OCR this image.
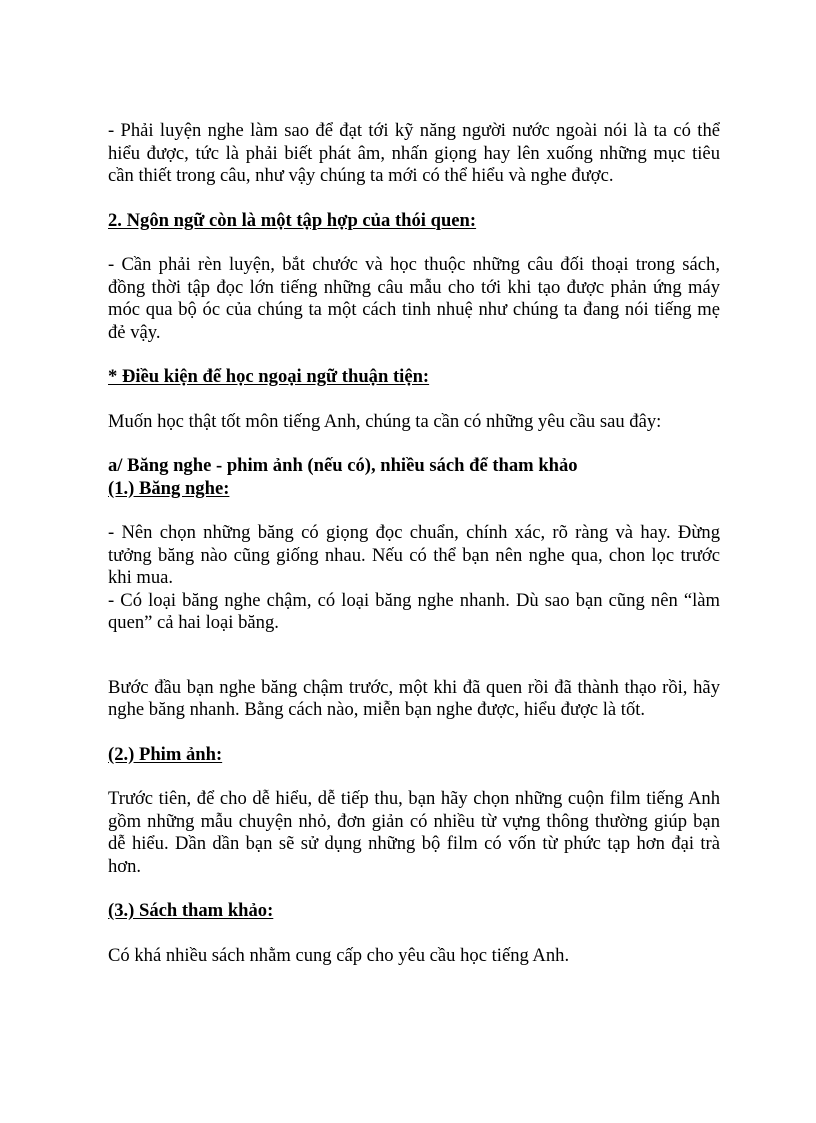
- Phải luyện nghe làm sao để đạt tới kỹ năng người nước ngoài nói là ta có thể hiểu được, tức là phải biết phát âm, nhấn giọng hay lên xuống những mục tiêu cần thiết trong câu, như vậy chúng ta mới có thể hiểu và nghe được.

2. Ngôn ngữ còn là một tập hợp của thói quen:

- Cần phải rèn luyện, bắt chước và học thuộc những câu đối thoại trong sách, đồng thời tập đọc lớn tiếng những câu mẫu cho tới khi tạo được phản ứng máy móc qua bộ óc của chúng ta một cách tinh nhuệ như chúng ta đang nói tiếng mẹ đẻ vậy.

* Điều kiện để học ngoại ngữ thuận tiện:

Muốn học thật tốt môn tiếng Anh, chúng ta cần có những yêu cầu sau đây:

a/ Băng nghe - phim ảnh (nếu có), nhiều sách để tham khảo

(1.) Băng nghe:

- Nên chọn những băng có giọng đọc chuẩn, chính xác, rõ ràng và hay. Đừng tưởng băng nào cũng giống nhau. Nếu có thể bạn nên nghe qua, chon lọc trước khi mua.

- Có loại băng nghe chậm, có loại băng nghe nhanh. Dù sao bạn cũng nên “làm quen” cả hai loại băng.

Bước đầu bạn nghe băng chậm trước, một khi đã quen rồi đã thành thạo rồi, hãy nghe băng nhanh. Bằng cách nào, miễn bạn nghe được, hiểu được là tốt.

(2.) Phim ảnh:

Trước tiên, để cho dễ hiểu, dễ tiếp thu, bạn hãy chọn những cuộn film tiếng Anh gồm những mẫu chuyện nhỏ, đơn giản có nhiều từ vựng thông thường giúp bạn dễ hiểu. Dần dần bạn sẽ sử dụng những bộ film có vốn từ phức tạp hơn đại trà hơn.

(3.) Sách tham khảo:

Có khá nhiều sách nhằm cung cấp cho yêu cầu học tiếng Anh.
